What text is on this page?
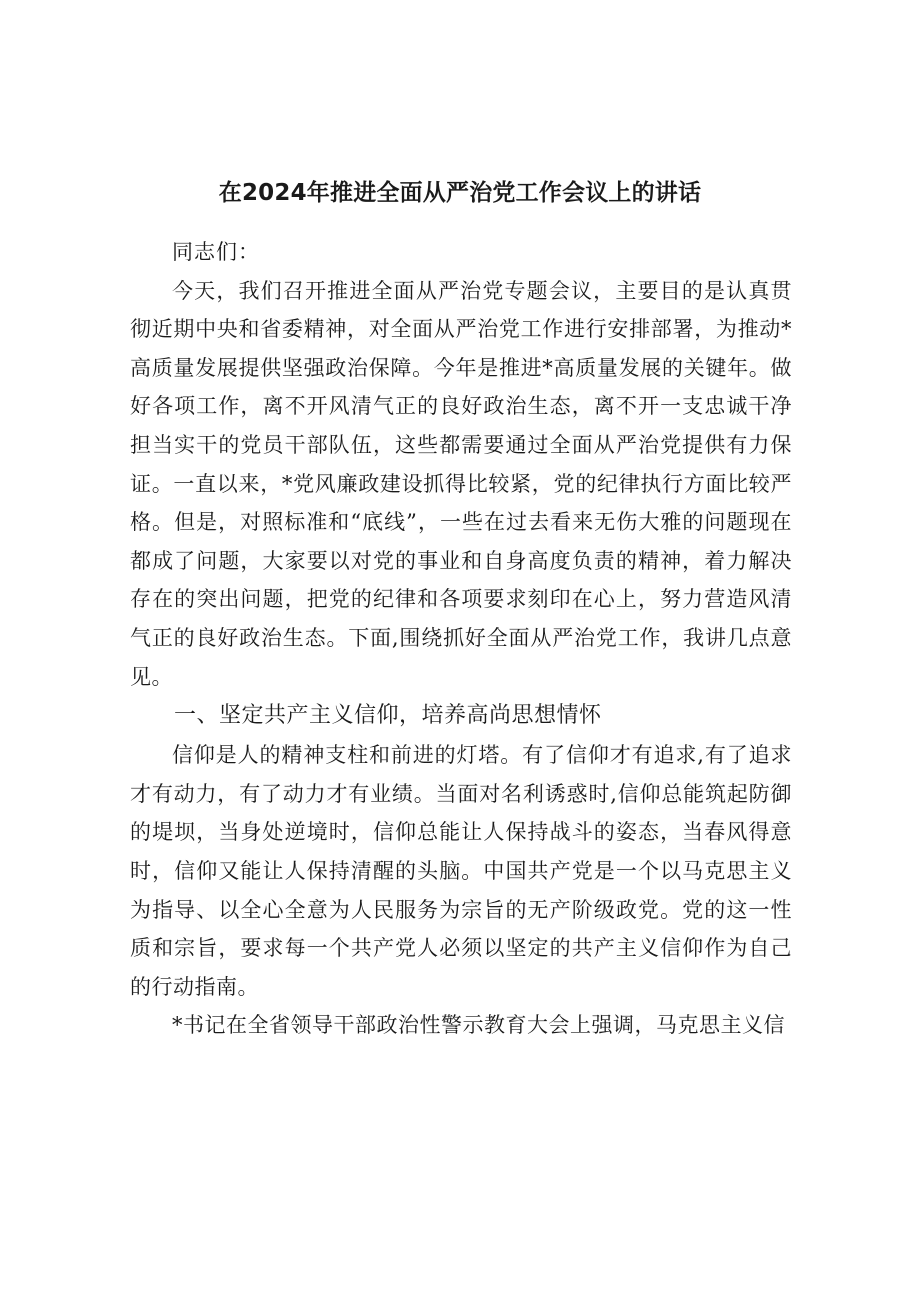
在2024年推进全面从严治党工作会议上的讲话

同志们：

今天，我们召开推进全面从严治党专题会议，主要目的是认真贯彻近期中央和省委精神，对全面从严治党工作进行安排部署，为推动*高质量发展提供坚强政治保障。今年是推进*高质量发展的关键年。做好各项工作，离不开风清气正的良好政治生态，离不开一支忠诚干净担当实干的党员干部队伍，这些都需要通过全面从严治党提供有力保证。一直以来，*党风廉政建设抓得比较紧，党的纪律执行方面比较严格。但是，对照标准和“底线”，一些在过去看来无伤大雅的问题现在都成了问题，大家要以对党的事业和自身高度负责的精神，着力解决存在的突出问题，把党的纪律和各项要求刻印在心上，努力营造风清气正的良好政治生态。下面,围绕抓好全面从严治党工作，我讲几点意见。

一、坚定共产主义信仰，培养高尚思想情怀

信仰是人的精神支柱和前进的灯塔。有了信仰才有追求,有了追求才有动力，有了动力才有业绩。当面对名利诱惑时,信仰总能筑起防御的堤坝，当身处逆境时，信仰总能让人保持战斗的姿态，当春风得意时，信仰又能让人保持清醒的头脑。中国共产党是一个以马克思主义为指导、以全心全意为人民服务为宗旨的无产阶级政党。党的这一性质和宗旨，要求每一个共产党人必须以坚定的共产主义信仰作为自己的行动指南。

*书记在全省领导干部政治性警示教育大会上强调，马克思主义信
